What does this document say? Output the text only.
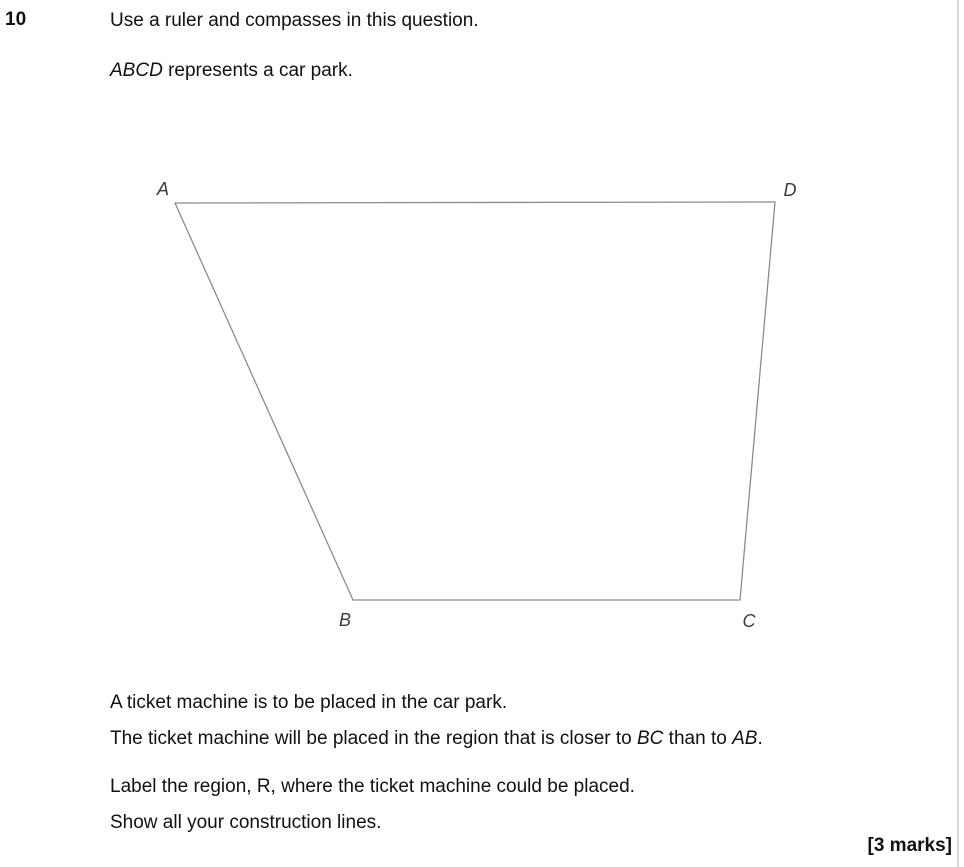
10	Use a ruler and compasses in this question.
ABCD represents a car park.
A	D
B	C
A ticket machine is to be placed in the car park.
The ticket machine will be placed in the region that is closer to BC than to AB.
Label the region, R, where the ticket machine could be placed.
Show all your construction lines.
[3 marks]
